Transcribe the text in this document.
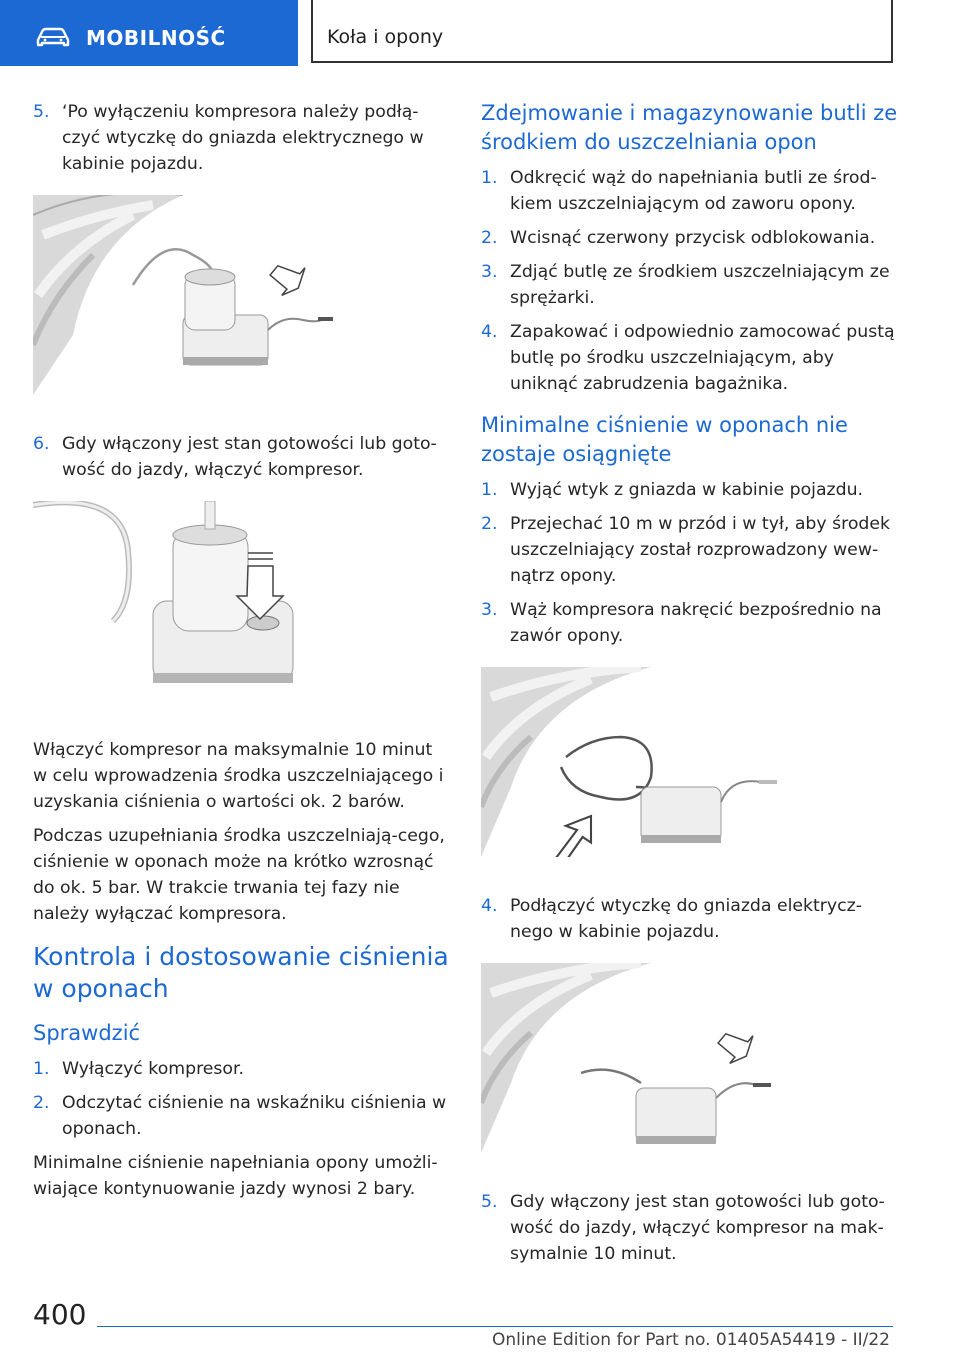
MOBILNOŚĆ	Koła i opony
5. ‘Po wyłączeniu kompresora należy podłą‐czyć wtyczkę do gniazda elektrycznego w kabinie pojazdu.
6. Gdy włączony jest stan gotowości lub goto‐wość do jazdy, włączyć kompresor.

Włączyć kompresor na maksymalnie 10 minut w celu wprowadzenia środka uszczelniającego i uzyskania ciśnienia o wartości ok. 2 barów.

Podczas uzupełniania środka uszczelniają‐cego, ciśnienie w oponach może na krótko wzrosnąć do ok. 5 bar. W trakcie trwania tej fazy nie należy wyłączać kompresora.

Kontrola i dostosowanie ciśnienia w oponach
Sprawdzić
1. Wyłączyć kompresor.
2. Odczytać ciśnienie na wskaźniku ciśnienia w oponach.

Minimalne ciśnienie napełniania opony umożli‐wiające kontynuowanie jazdy wynosi 2 bary.

Zdejmowanie i magazynowanie butli ze środkiem do uszczelniania opon
1. Odkręcić wąż do napełniania butli ze środ‐kiem uszczelniającym od zaworu opony.
2. Wcisnąć czerwony przycisk odblokowania.
3. Zdjąć butlę ze środkiem uszczelniającym ze sprężarki.
4. Zapakować i odpowiednio zamocować pustą butlę po środku uszczelniającym, aby uniknąć zabrudzenia bagażnika.
Minimalne ciśnienie w oponach nie zostaje osiągnięte
1. Wyjąć wtyk z gniazda w kabinie pojazdu.
2. Przejechać 10 m w przód i w tył, aby środek uszczelniający został rozprowadzony wew‐nątrz opony.
3. Wąż kompresora nakręcić bezpośrednio na zawór opony.
4. Podłączyć wtyczkę do gniazda elektrycz‐nego w kabinie pojazdu.
5. Gdy włączony jest stan gotowości lub goto‐wość do jazdy, włączyć kompresor na mak‐symalnie 10 minut.
400
Online Edition for Part no. 01405A54419 - II/22
